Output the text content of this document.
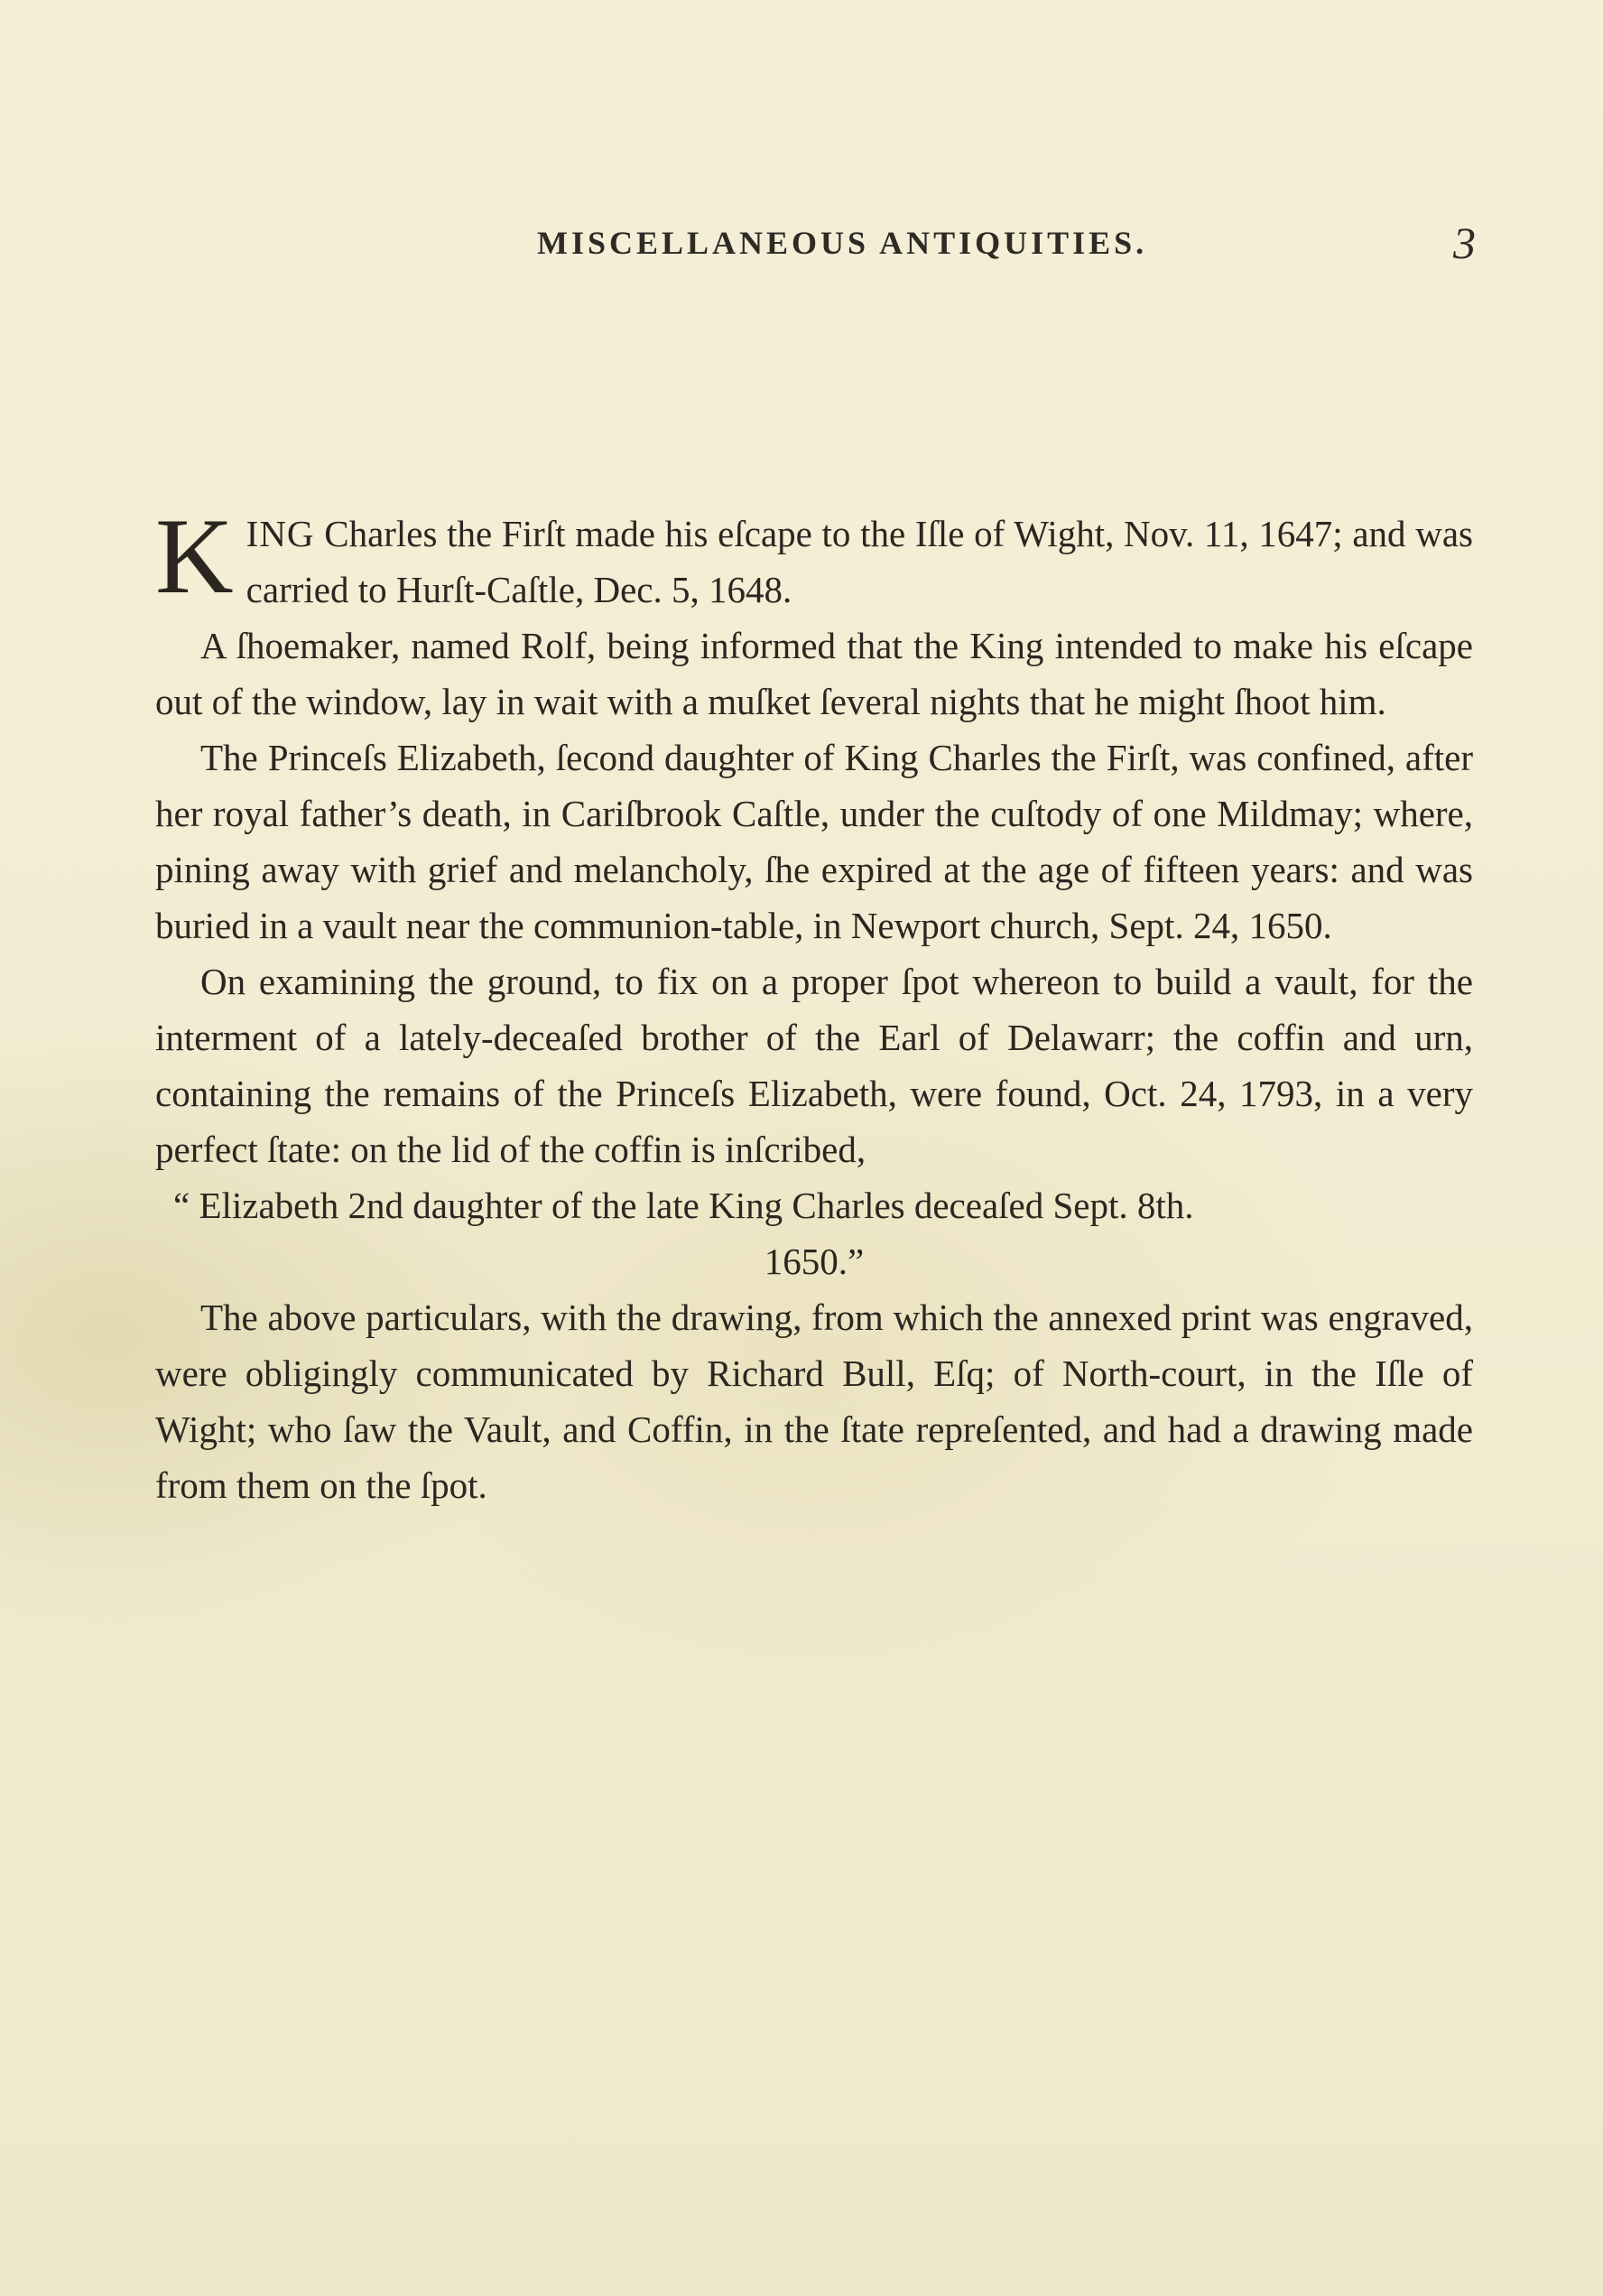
MISCELLANEOUS ANTIQUITIES.	3

KING Charles the Firſt made his eſcape to the Iſle of Wight, Nov. 11, 1647; and was carried to Hurſt-Caſtle, Dec. 5, 1648.

A ſhoemaker, named Rolf, being informed that the King intended to make his eſcape out of the window, lay in wait with a muſket ſeveral nights that he might ſhoot him.

The Princeſs Elizabeth, ſecond daughter of King Charles the Firſt, was confined, after her royal father’s death, in Cariſbrook Caſtle, under the cuſtody of one Mildmay; where, pining away with grief and melancholy, ſhe expired at the age of fifteen years: and was buried in a vault near the communion-table, in Newport church, Sept. 24, 1650.

On examining the ground, to fix on a proper ſpot whereon to build a vault, for the interment of a lately-deceaſed brother of the Earl of Delawarr; the coffin and urn, containing the remains of the Princeſs Elizabeth, were found, Oct. 24, 1793, in a very perfect ſtate: on the lid of the coffin is inſcribed,

“ Elizabeth 2nd daughter of the late King Charles deceaſed Sept. 8th.

1650.”

The above particulars, with the drawing, from which the annexed print was engraved, were obligingly communicated by Richard Bull, Eſq; of North-court, in the Iſle of Wight; who ſaw the Vault, and Coffin, in the ſtate repreſented, and had a drawing made from them on the ſpot.
